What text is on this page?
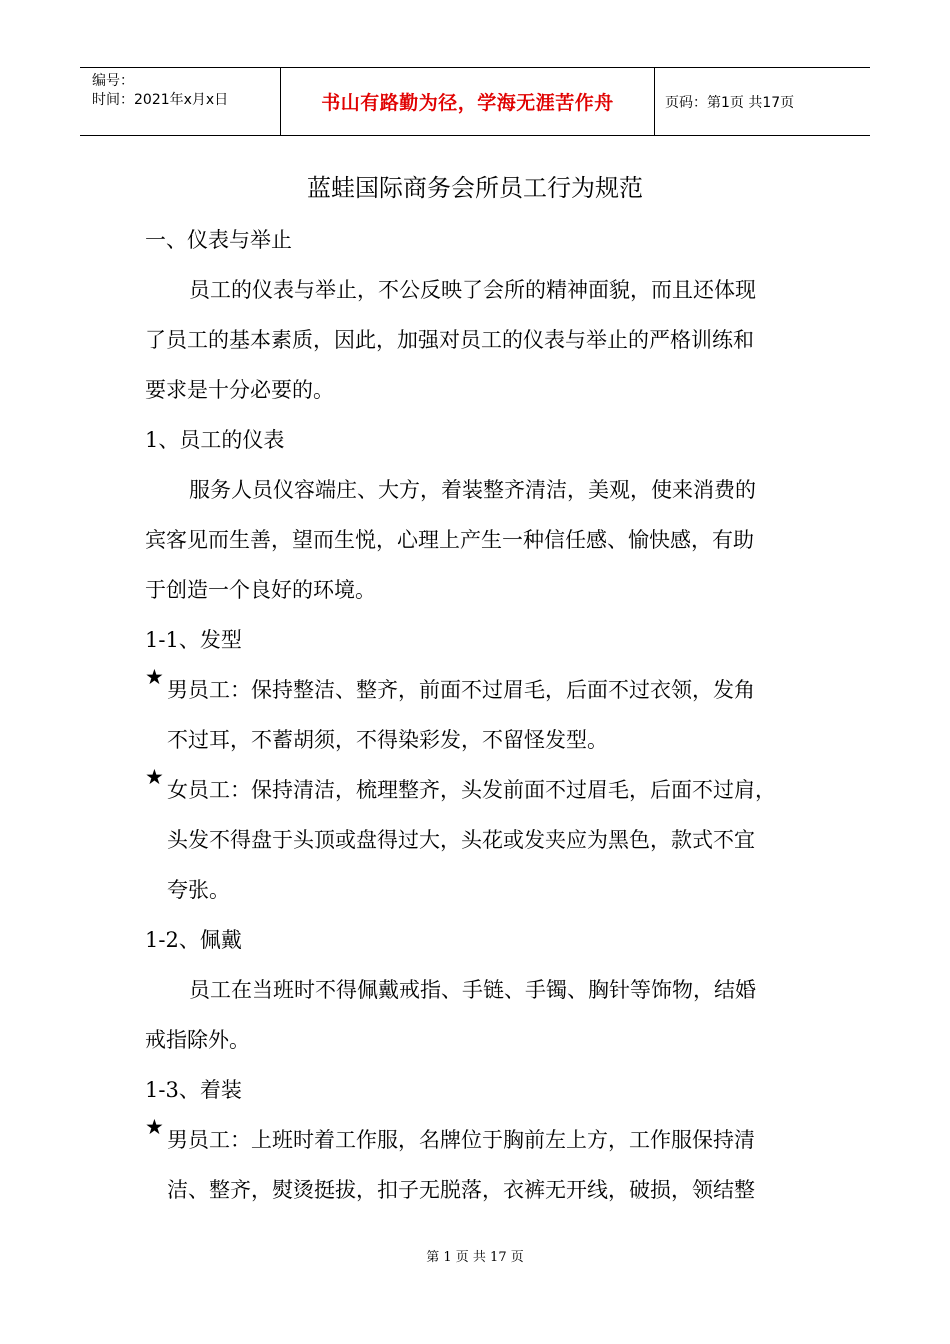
编号：
时间：2021年x月x日	书山有路勤为径，学海无涯苦作舟	页码：第1页 共17页
蓝蛙国际商务会所员工行为规范

一、仪表与举止

员工的仪表与举止，不公反映了会所的精神面貌，而且还体现

了员工的基本素质，因此，加强对员工的仪表与举止的严格训练和

要求是十分必要的。

1、员工的仪表

服务人员仪容端庄、大方，着装整齐清洁，美观，使来消费的

宾客见而生善，望而生悦，心理上产生一种信任感、愉快感，有助

于创造一个良好的环境。

1-1、发型

★
男员工：保持整洁、整齐，前面不过眉毛，后面不过衣领，发角
不过耳，不蓄胡须，不得染彩发，不留怪发型。
★
女员工：保持清洁，梳理整齐，头发前面不过眉毛，后面不过肩，
头发不得盘于头顶或盘得过大，头花或发夹应为黑色，款式不宜
夸张。

1-2、佩戴

员工在当班时不得佩戴戒指、手链、手镯、胸针等饰物，结婚

戒指除外。

1-3、着装

★
男员工：上班时着工作服，名牌位于胸前左上方，工作服保持清
洁、整齐，熨烫挺拔，扣子无脱落，衣裤无开线，破损，领结整
第 1 页 共 17 页
